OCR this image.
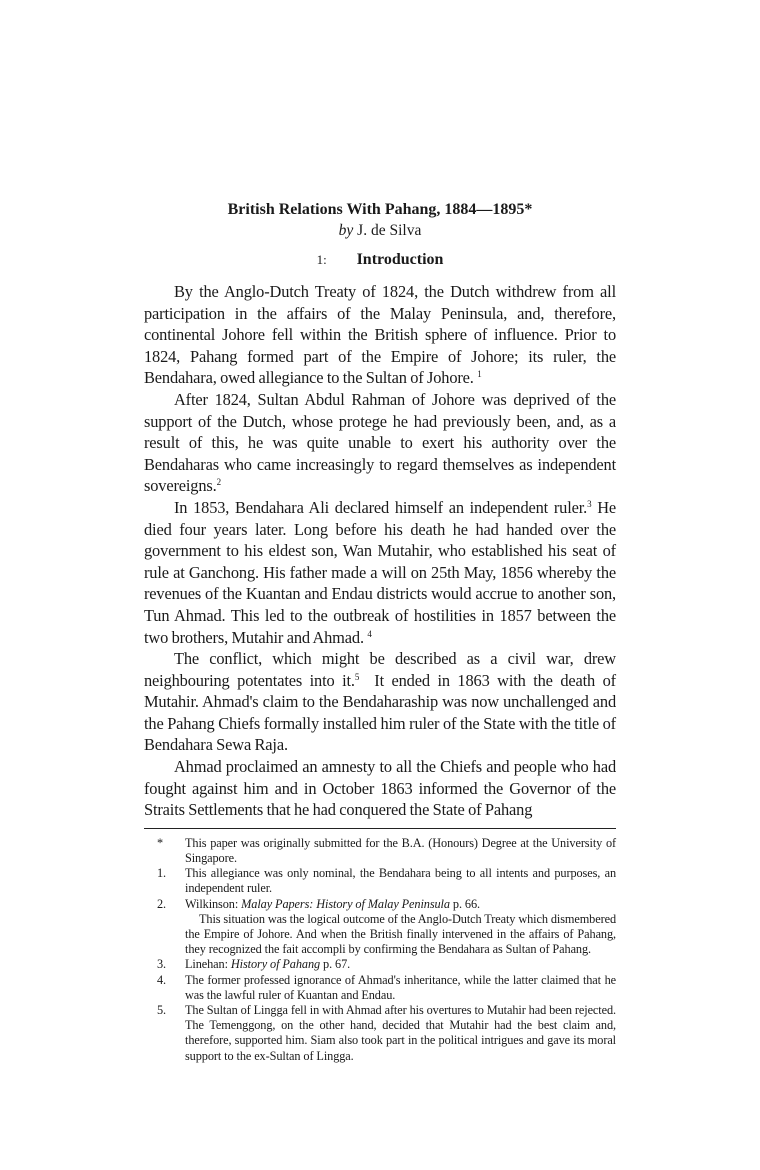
British Relations With Pahang, 1884—1895*
by J. de Silva
1: Introduction

By the Anglo-Dutch Treaty of 1824, the Dutch withdrew from all participation in the affairs of the Malay Peninsula, and, therefore, continental Johore fell within the British sphere of influence. Prior to 1824, Pahang formed part of the Empire of Johore; its ruler, the Bendahara, owed allegiance to the Sultan of Johore. $^1$

After 1824, Sultan Abdul Rahman of Johore was deprived of the support of the Dutch, whose protege he had previously been, and, as a result of this, he was quite unable to exert his authority over the Bendaharas who came increasingly to regard themselves as independent sovereigns.$^2$

In 1853, Bendahara Ali declared himself an independent ruler.$^3$ He died four years later. Long before his death he had handed over the government to his eldest son, Wan Mutahir, who established his seat of rule at Ganchong. His father made a will on 25th May, 1856 whereby the revenues of the Kuantan and Endau districts would accrue to another son, Tun Ahmad. This led to the outbreak of hostilities in 1857 between the two brothers, Mutahir and Ahmad. $^4$

The conflict, which might be described as a civil war, drew neighbouring potentates into it.$^5$ It ended in 1863 with the death of Mutahir. Ahmad's claim to the Bendaharaship was now unchallenged and the Pahang Chiefs formally installed him ruler of the State with the title of Bendahara Sewa Raja.

Ahmad proclaimed an amnesty to all the Chiefs and people who had fought against him and in October 1863 informed the Governor of the Straits Settlements that he had conquered the State of Pahang

* This paper was originally submitted for the B.A. (Honours) Degree at the University of Singapore.
1. This allegiance was only nominal, the Bendahara being to all intents and purposes, an independent ruler.
2. Wilkinson: Malay Papers: History of Malay Peninsula p. 66.
This situation was the logical outcome of the Anglo-Dutch Treaty which dismembered the Empire of Johore. And when the British finally intervened in the affairs of Pahang, they recognized the fait accompli by confirming the Bendahara as Sultan of Pahang.
3. Linehan: History of Pahang p. 67.
4. The former professed ignorance of Ahmad's inheritance, while the latter claimed that he was the lawful ruler of Kuantan and Endau.
5. The Sultan of Lingga fell in with Ahmad after his overtures to Mutahir had been rejected. The Temenggong, on the other hand, decided that Mutahir had the best claim and, therefore, supported him. Siam also took part in the political intrigues and gave its moral support to the ex-Sultan of Lingga.
